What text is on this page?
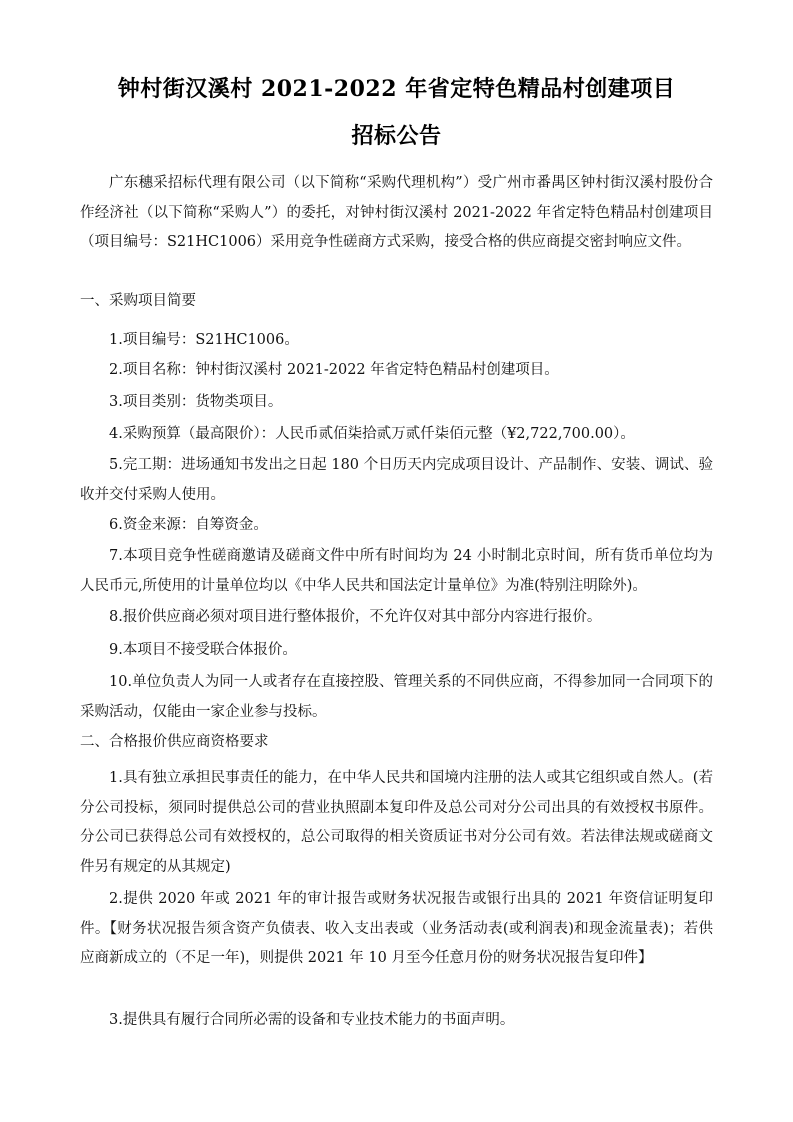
钟村街汉溪村 2021-2022 年省定特色精品村创建项目
招标公告

广东穗采招标代理有限公司（以下简称“采购代理机构”）受广州市番禺区钟村街汉溪村股份合作经济社（以下简称“采购人”）的委托，对钟村街汉溪村 2021-2022 年省定特色精品村创建项目（项目编号：S21HC1006）采用竞争性磋商方式采购，接受合格的供应商提交密封响应文件。

一、采购项目简要

1.项目编号：S21HC1006。

2.项目名称：钟村街汉溪村 2021-2022 年省定特色精品村创建项目。

3.项目类别：货物类项目。

4.采购预算（最高限价）：人民币贰佰柒拾贰万贰仟柒佰元整（¥2,722,700.00）。

5.完工期：进场通知书发出之日起 180 个日历天内完成项目设计、产品制作、安装、调试、验收并交付采购人使用。

6.资金来源：自筹资金。

7.本项目竞争性磋商邀请及磋商文件中所有时间均为 24 小时制北京时间，所有货币单位均为人民币元,所使用的计量单位均以《中华人民共和国法定计量单位》为准(特别注明除外)。

8.报价供应商必须对项目进行整体报价，不允许仅对其中部分内容进行报价。

9.本项目不接受联合体报价。

10.单位负责人为同一人或者存在直接控股、管理关系的不同供应商，不得参加同一合同项下的采购活动，仅能由一家企业参与投标。

二、合格报价供应商资格要求

1.具有独立承担民事责任的能力，在中华人民共和国境内注册的法人或其它组织或自然人。(若分公司投标，须同时提供总公司的营业执照副本复印件及总公司对分公司出具的有效授权书原件。分公司已获得总公司有效授权的，总公司取得的相关资质证书对分公司有效。若法律法规或磋商文件另有规定的从其规定)

2.提供 2020 年或 2021 年的审计报告或财务状况报告或银行出具的 2021 年资信证明复印件。【财务状况报告须含资产负债表、收入支出表或（业务活动表(或利润表)和现金流量表)；若供应商新成立的（不足一年)，则提供 2021 年 10 月至今任意月份的财务状况报告复印件】

3.提供具有履行合同所必需的设备和专业技术能力的书面声明。
